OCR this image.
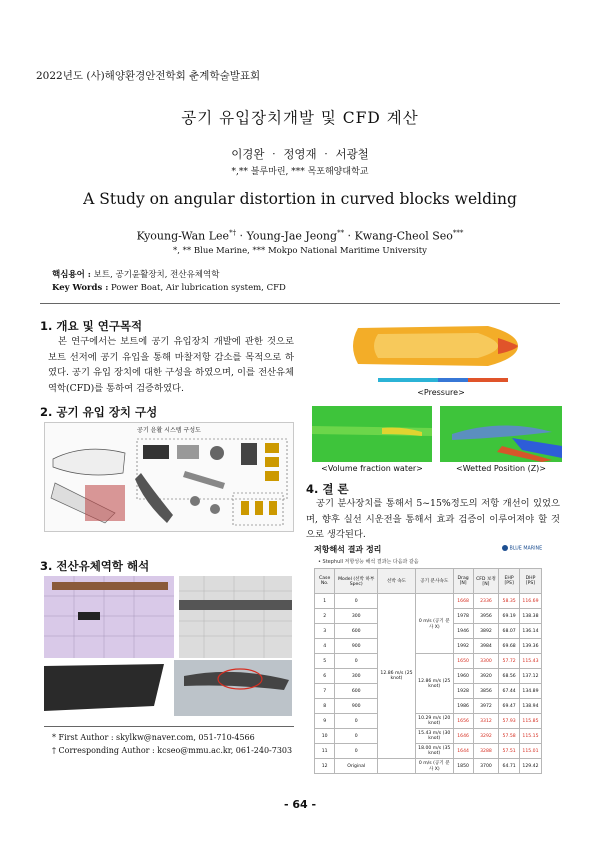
2022년도 (사)해양환경안전학회 춘계학술발표회
공기 유입장치개발 및 CFD 계산
이경완 ‧ 정영재 ‧ 서광철
*,** 블루마린, *** 목포해양대학교
A Study on angular distortion in curved blocks welding
Kyoung-Wan Lee*† ‧ Young-Jae Jeong** ‧ Kwang-Cheol Seo***
*, ** Blue Marine, *** Mokpo National Maritime University
핵심용어 : 보트, 공기윤활장치, 전산유체역학
Key Words : Power Boat, Air lubrication system, CFD
1. 개요 및 연구목적
본 연구에서는 보트에 공기 유입장치 개발에 관한 것으로 보트 선저에 공기 유입을 통해 마찰저항 감소를 목적으로 하였다. 공기 유입 장치에 대한 구성을 하였으며, 이를 전산유체역학(CFD)를 통하여 검증하였다.
2. 공기 유입 장치 구성
공기 윤활 시스템 구성도
3. 전산유체역학 해석
* First Author : skylkw@naver.com, 051-710-4566
† Corresponding Author : kcseo@mmu.ac.kr, 061-240-7303
<Pressure>
<Volume fraction water>	<Wetted Position (Z)>
4. 결 론
공기 분사장치를 통해서 5~15%정도의 저항 개선이 있었으며, 향후 실선 시운전을 통해서 효과 검증이 이루어져야 할 것으로 생각된다.
저항해석 결과 정리	BLUE MARINE
• Stephull 저항성능 해석 결과는 다음과 같음
Case No.	Model (선박 하부 Spec)	선박 속도	공기 분사속도	Drag [N]	CFD 보정 [N]	EHP [PS]	DHP [PS]
1	0	12.86 m/s (25 knot)	0 m/s (공기 분사 X)	1668	2336	58.35	116.69
2	300			1978	3956	69.19	138.38
3	600			1946	3892	68.07	136.14
4	900			1992	3984	69.68	139.36
5	0		12.86 m/s (25 knot)	1650	3300	57.72	115.43
6	300			1960	3920	68.56	137.12
7	600			1928	3856	67.44	134.89
8	900			1986	3972	69.47	138.94
9	0		10.29 m/s (20 knot)	1656	3312	57.93	115.85
10	0		15.43 m/s (30 knot)	1646	3292	57.58	115.15
11	0		18.00 m/s (35 knot)	1644	3288	57.51	115.01
12	Original		0 m/s (공기 분사 X)	1850	3700	64.71	129.42
- 64 -
